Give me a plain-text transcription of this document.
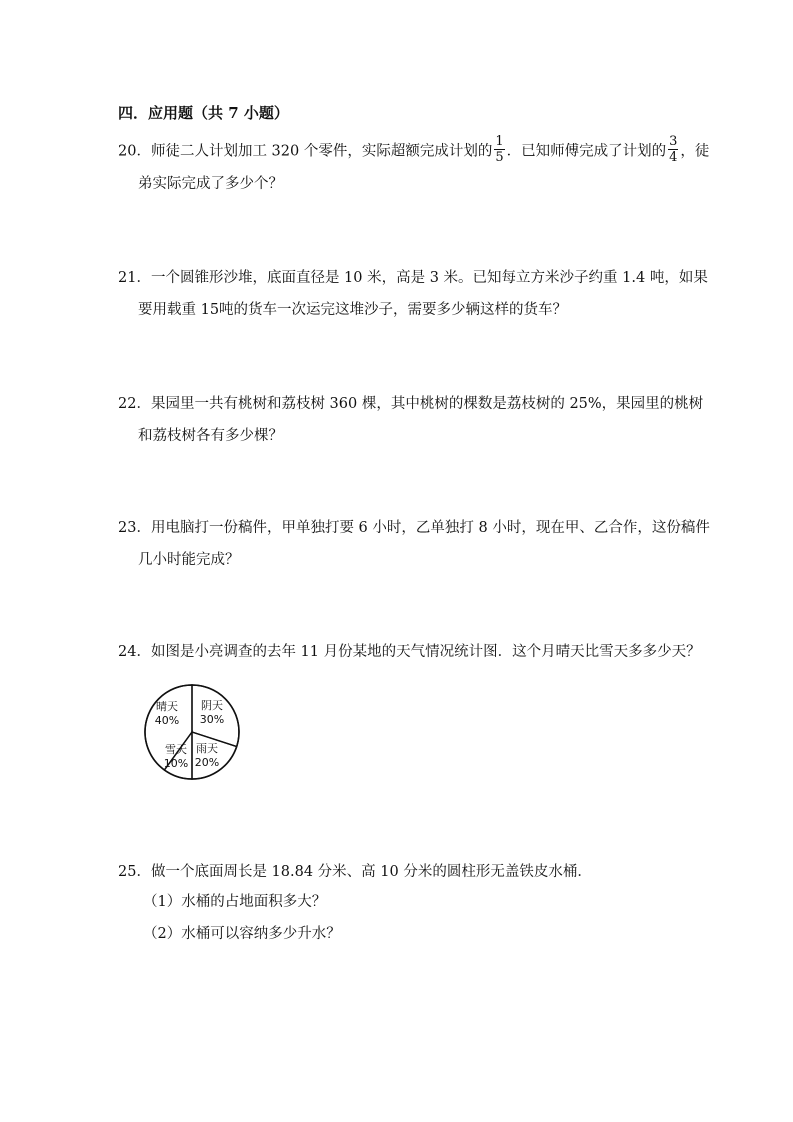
四．应用题（共 7 小题）
20．师徒二人计划加工 320 个零件，实际超额完成计划的 $\frac{1}{5}$ ．已知师傅完成了计划的 $\frac{3}{4}$ ，徒
弟实际完成了多少个？
21．一个圆锥形沙堆，底面直径是 10 米，高是 3 米。已知每立方米沙子约重 1.4 吨，如果
要用载重 15吨的货车一次运完这堆沙子，需要多少辆这样的货车？
22．果园里一共有桃树和荔枝树 360 棵，其中桃树的棵数是荔枝树的 25%，果园里的桃树
和荔枝树各有多少棵？
23．用电脑打一份稿件，甲单独打要 6 小时，乙单独打 8 小时，现在甲、乙合作，这份稿件
几小时能完成？
24．如图是小亮调查的去年 11 月份某地的天气情况统计图．这个月晴天比雪天多多少天？
晴天 40%
阴天 30%
雨天 20%
雪天 10%
25．做一个底面周长是 18.84 分米、高 10 分米的圆柱形无盖铁皮水桶．
（1）水桶的占地面积多大？
（2）水桶可以容纳多少升水？
